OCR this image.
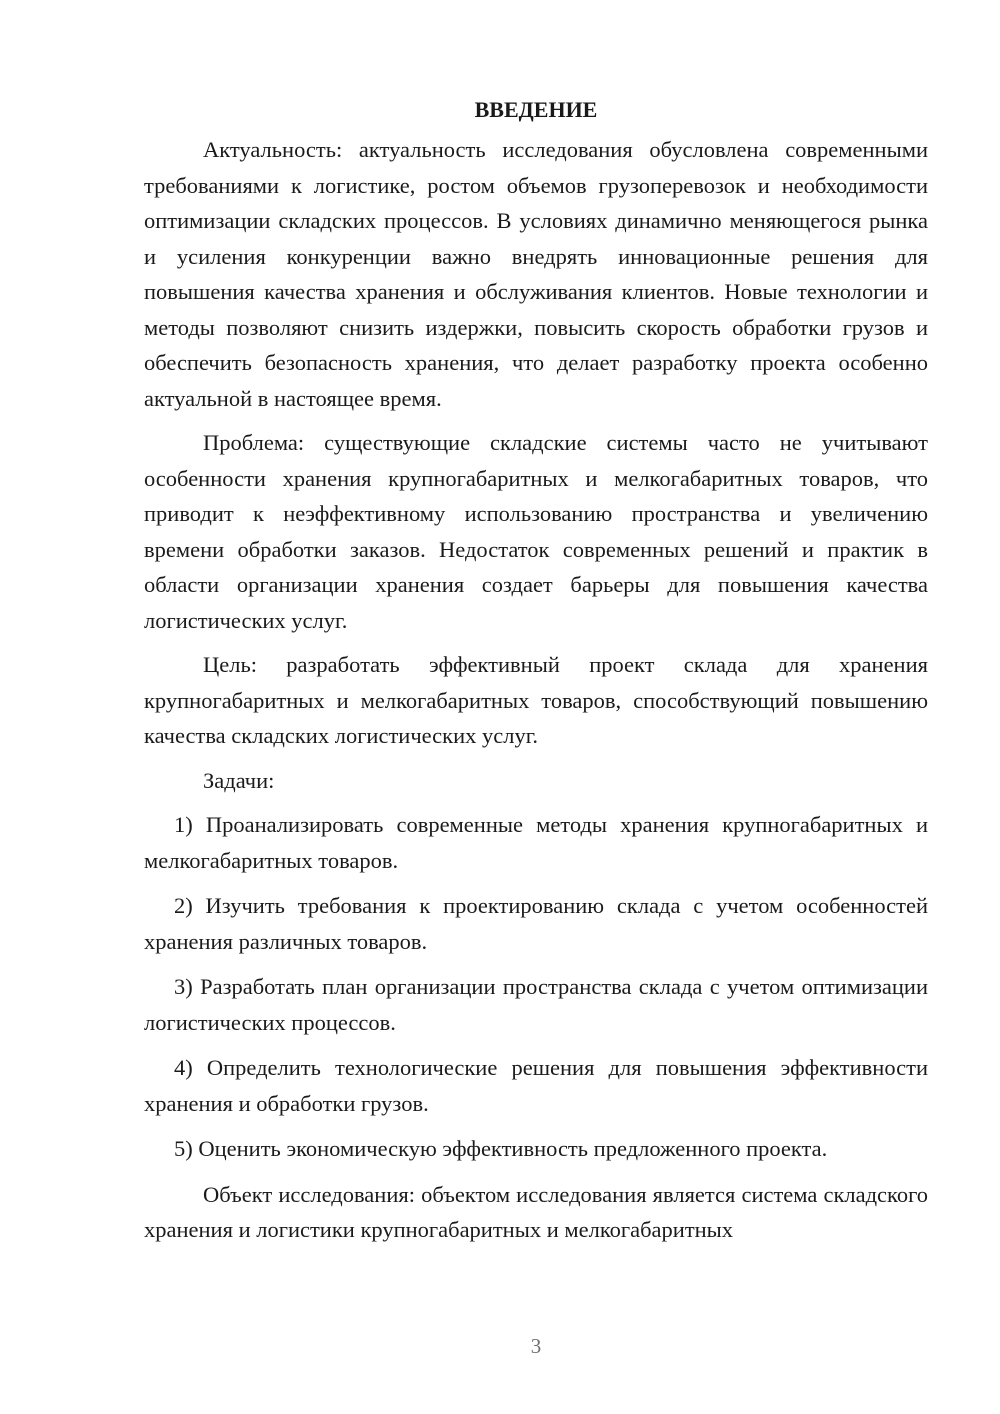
ВВЕДЕНИЕ

Актуальность: актуальность исследования обусловлена современными требованиями к логистике, ростом объемов грузоперевозок и необходимости оптимизации складских процессов. В условиях динамично меняющегося рынка и усиления конкуренции важно внедрять инновационные решения для повышения качества хранения и обслуживания клиентов. Новые технологии и методы позволяют снизить издержки, повысить скорость обработки грузов и обеспечить безопасность хранения, что делает разработку проекта особенно актуальной в настоящее время.

Проблема: существующие складские системы часто не учитывают особенности хранения крупногабаритных и мелкогабаритных товаров, что приводит к неэффективному использованию пространства и увеличению времени обработки заказов. Недостаток современных решений и практик в области организации хранения создает барьеры для повышения качества логистических услуг.

Цель: разработать эффективный проект склада для хранения крупногабаритных и мелкогабаритных товаров, способствующий повышению качества складских логистических услуг.

Задачи:

1) Проанализировать современные методы хранения крупногабаритных и мелкогабаритных товаров.

2) Изучить требования к проектированию склада с учетом особенностей хранения различных товаров.

3) Разработать план организации пространства склада с учетом оптимизации логистических процессов.

4) Определить технологические решения для повышения эффективности хранения и обработки грузов.

5) Оценить экономическую эффективность предложенного проекта.

Объект исследования: объектом исследования является система складского хранения и логистики крупногабаритных и мелкогабаритных

3
